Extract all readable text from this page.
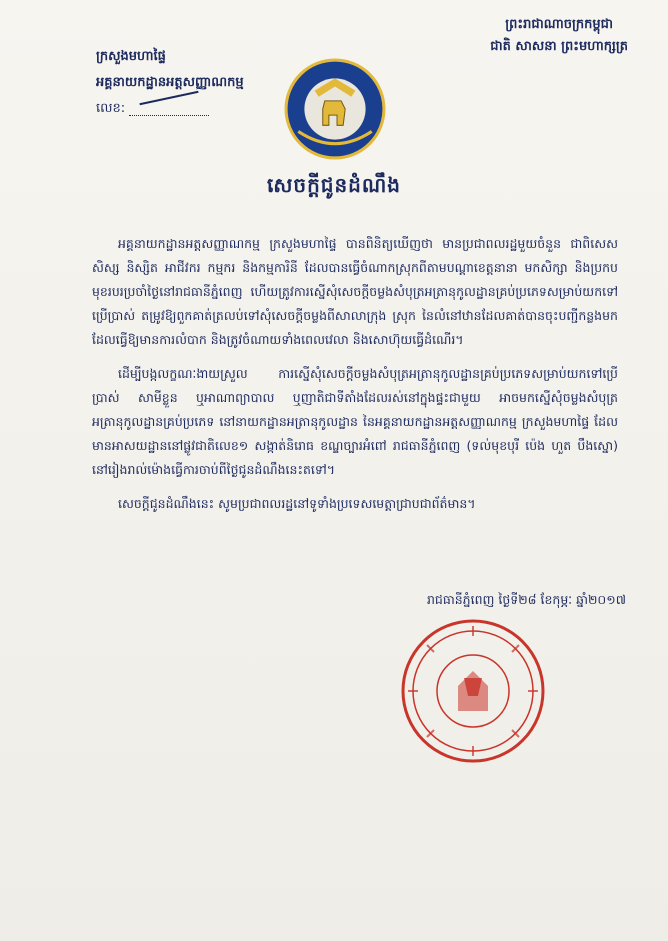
ក្រសួងមហាផ្ទៃ
អគ្គនាយកដ្ឋានអត្តសញ្ញាណកម្ម
លេខ:
ព្រះរាជាណាចក្រកម្ពុជា
ជាតិ សាសនា ព្រះមហាក្សត្រ
សេចក្តីជូនដំណឹង

អគ្គនាយកដ្ឋានអត្តសញ្ញាណកម្ម ក្រសួងមហាផ្ទៃ បានពិនិត្យឃើញថា មានប្រជាពលរដ្ឋមួយចំនួន ជាពិសេសសិស្ស និស្សិត អាជីវករ កម្មករ និងកម្មការិនី ដែលបានធ្វើចំណាកស្រុកពីតាមបណ្តាខេត្តនានា មកសិក្សា និងប្រកបមុខរបរប្រចាំថ្ងៃនៅរាជធានីភ្នំពេញ ហើយត្រូវការស្នើសុំសេចក្តីចម្លងសំបុត្រអត្រានុកូលដ្ឋានគ្រប់ប្រភេទសម្រាប់យកទៅប្រើប្រាស់ តម្រូវឱ្យពួកគាត់ត្រលប់ទៅសុំសេចក្តីចម្លងពីសាលាក្រុង ស្រុក នៃលំនៅឋានដែលគាត់បានចុះបញ្ជីកន្លងមក ដែលធ្វើឱ្យមានការលំបាក និងត្រូវចំណាយទាំងពេលវេលា និងសោហ៊ុយធ្វើដំណើរ។

ដើម្បីបង្កលក្ខណៈងាយស្រួល ការស្នើសុំសេចក្តីចម្លងសំបុត្រអត្រានុកូលដ្ឋានគ្រប់ប្រភេទសម្រាប់យកទៅប្រើប្រាស់ សាមីខ្លួន ឬអាណាព្យាបាល ឬញាតិជាទីតាំងដែលរស់នៅក្នុងផ្ទះជាមួយ អាចមកស្នើសុំចម្លងសំបុត្រអត្រានុកូលដ្ឋានគ្រប់ប្រភេទ នៅនាយកដ្ឋានអត្រានុកូលដ្ឋាន នៃអគ្គនាយកដ្ឋានអត្តសញ្ញាណកម្ម ក្រសួងមហាផ្ទៃ ដែលមានអាសយដ្ឋាននៅផ្លូវជាតិលេខ១ សង្កាត់និរោធ ខណ្ឌច្បារអំពៅ រាជធានីភ្នំពេញ (ទល់មុខបុរី ប៉េង ហួត បឹងស្នោ) នៅរៀងរាល់ម៉ោងធ្វើការចាប់ពីថ្ងៃជូនដំណឹងនេះតទៅ។

សេចក្តីជូនដំណឹងនេះ សូមប្រជាពលរដ្ឋនៅទូទាំងប្រទេសមេត្តាជ្រាបជាព័ត៌មាន។

រាជធានីភ្នំពេញ ថ្ងៃទី២៨ ខែកុម្ភៈ ឆ្នាំ២០១៧
